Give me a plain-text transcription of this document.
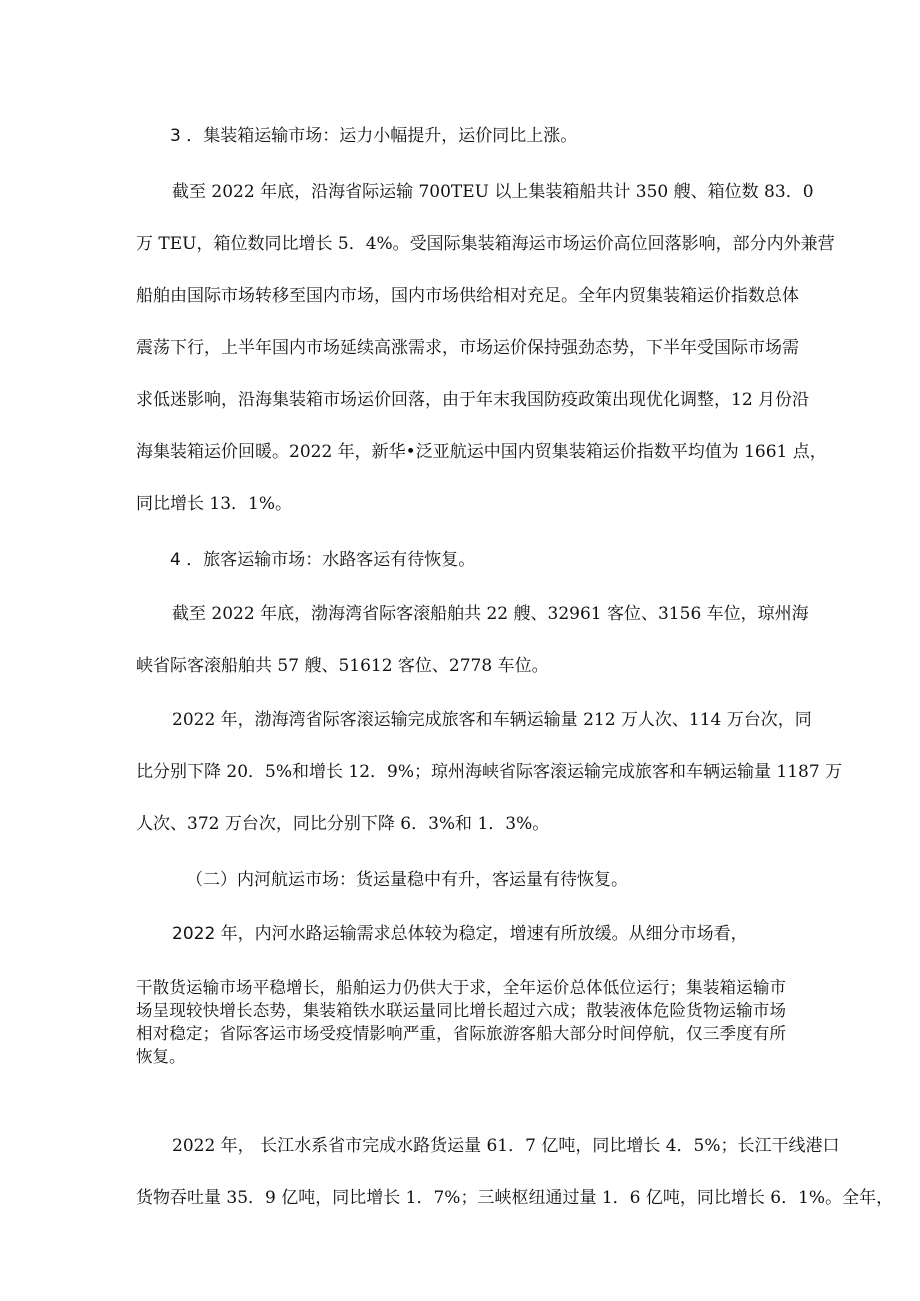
3 ．集装箱运输市场：运力小幅提升，运价同比上涨。

截至 2022 年底，沿海省际运输 700TEU 以上集装箱船共计 350 艘、箱位数 83．0

万 TEU，箱位数同比增长 5．4%。受国际集装箱海运市场运价高位回落影响，部分内外兼营

船舶由国际市场转移至国内市场，国内市场供给相对充足。全年内贸集装箱运价指数总体

震荡下行，上半年国内市场延续高涨需求，市场运价保持强劲态势，下半年受国际市场需

求低迷影响，沿海集装箱市场运价回落，由于年末我国防疫政策出现优化调整，12 月份沿

海集装箱运价回暖。2022 年，新华•泛亚航运中国内贸集装箱运价指数平均值为 1661 点，

同比增长 13．1%。

4 ．旅客运输市场：水路客运有待恢复。

截至 2022 年底，渤海湾省际客滚船舶共 22 艘、32961 客位、3156 车位，琼州海

峡省际客滚船舶共 57 艘、51612 客位、2778 车位。

2022 年，渤海湾省际客滚运输完成旅客和车辆运输量 212 万人次、114 万台次，同

比分别下降 20．5%和增长 12．9%；琼州海峡省际客滚运输完成旅客和车辆运输量 1187 万

人次、372 万台次，同比分别下降 6．3%和 1．3%。

（二）内河航运市场：货运量稳中有升，客运量有待恢复。

2022 年，内河水路运输需求总体较为稳定，增速有所放缓。从细分市场看，

干散货运输市场平稳增长，船舶运力仍供大于求，全年运价总体低位运行；集装箱运输市场呈现较快增长态势，集装箱铁水联运量同比增长超过六成；散装液体危险货物运输市场相对稳定；省际客运市场受疫情影响严重，省际旅游客船大部分时间停航，仅三季度有所恢复。

2022 年， 长江水系省市完成水路货运量 61．7 亿吨，同比增长 4．5%；长江干线港口

货物吞吐量 35．9 亿吨，同比增长 1．7%；三峡枢纽通过量 1．6 亿吨，同比增长 6．1%。全年，
